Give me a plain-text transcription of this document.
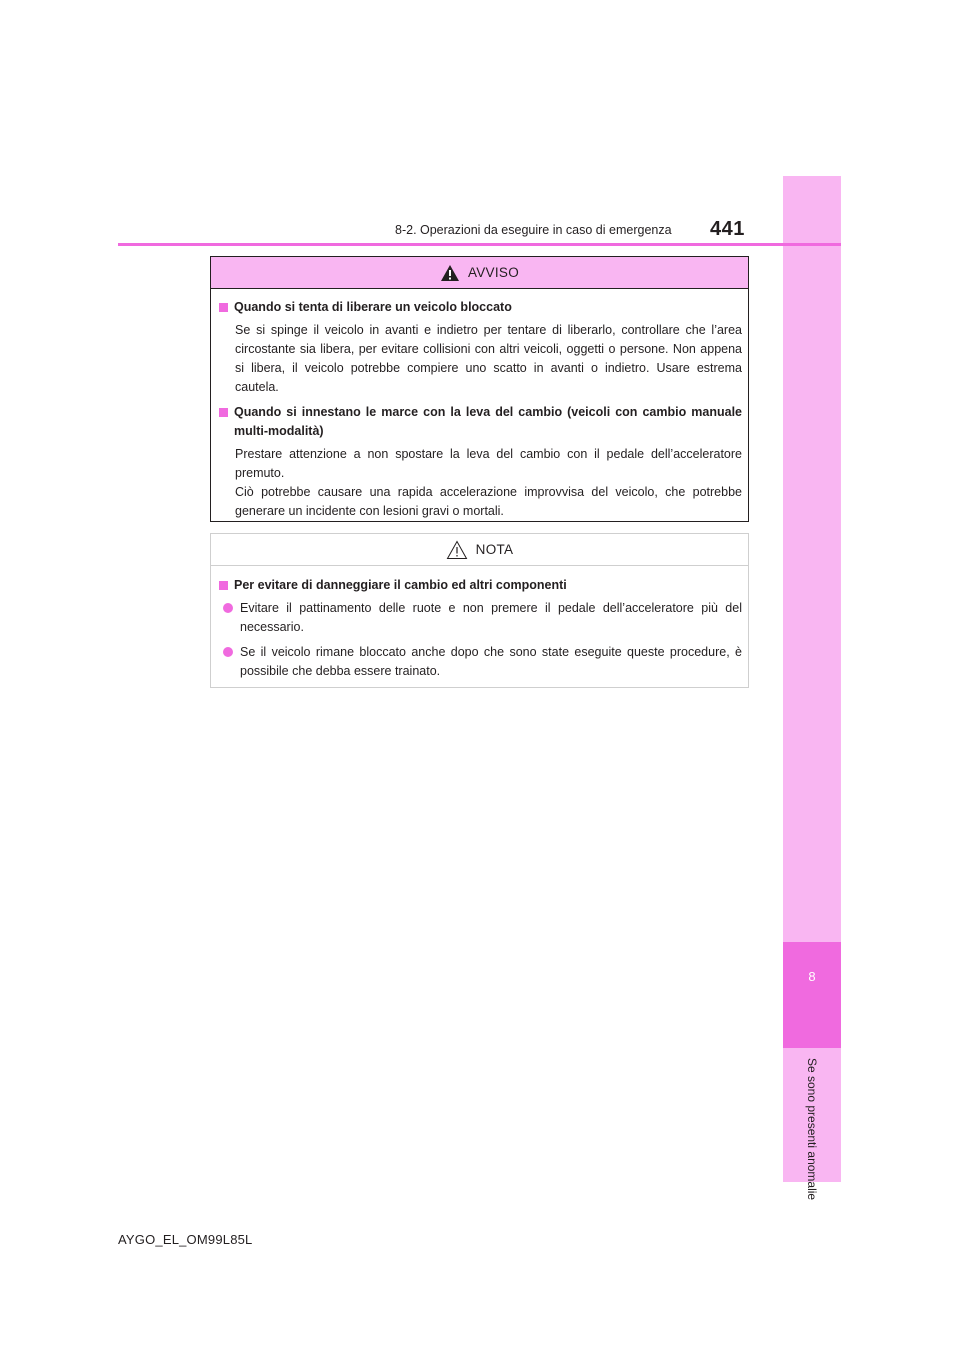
8
Se sono presenti anomalie
8-2. Operazioni da eseguire in caso di emergenza 441
AVVISO
Quando si tenta di liberare un veicolo bloccato
Se si spinge il veicolo in avanti e indietro per tentare di liberarlo, controllare che l’area circostante sia libera, per evitare collisioni con altri veicoli, oggetti o persone. Non appena si libera, il veicolo potrebbe compiere uno scatto in avanti o indietro. Usare estrema cautela.
Quando si innestano le marce con la leva del cambio (veicoli con cambio manuale multi-modalità)
Prestare attenzione a non spostare la leva del cambio con il pedale dell’acceleratore premuto.
Ciò potrebbe causare una rapida accelerazione improvvisa del veicolo, che potrebbe generare un incidente con lesioni gravi o mortali.
NOTA
Per evitare di danneggiare il cambio ed altri componenti
Evitare il pattinamento delle ruote e non premere il pedale dell’acceleratore più del necessario.
Se il veicolo rimane bloccato anche dopo che sono state eseguite queste procedure, è possibile che debba essere trainato.
AYGO_EL_OM99L85L
